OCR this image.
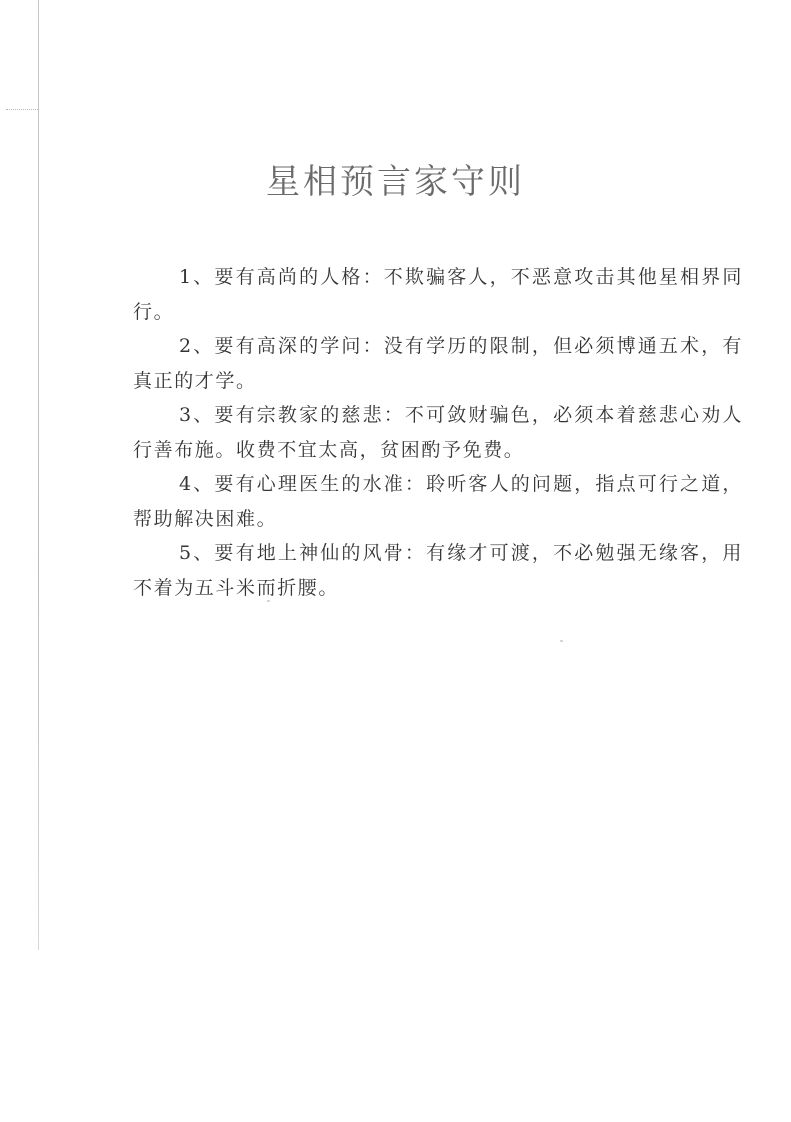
星相预言家守则
1、要有高尚的人格：不欺骗客人，不恶意攻击其他星相界同行。
2、要有高深的学问：没有学历的限制，但必须博通五术，有真正的才学。
3、要有宗教家的慈悲：不可敛财骗色，必须本着慈悲心劝人行善布施。收费不宜太高，贫困酌予免费。
4、要有心理医生的水准：聆听客人的问题，指点可行之道，帮助解决困难。
5、要有地上神仙的风骨：有缘才可渡，不必勉强无缘客，用不着为五斗米而折腰。
